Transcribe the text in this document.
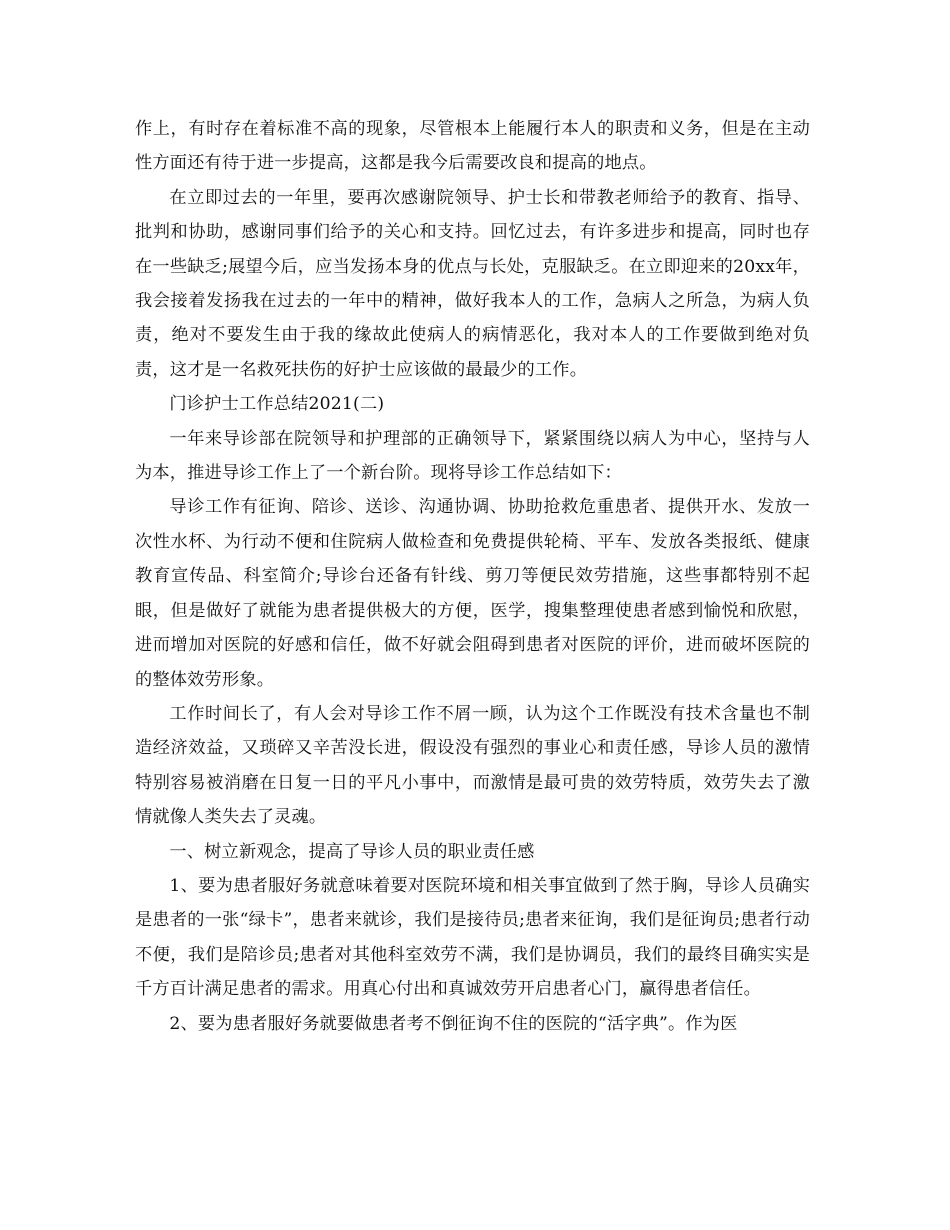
作上，有时存在着标准不高的现象，尽管根本上能履行本人的职责和义务，但是在主动性方面还有待于进一步提高，这都是我今后需要改良和提高的地点。

在立即过去的一年里，要再次感谢院领导、护士长和带教老师给予的教育、指导、批判和协助，感谢同事们给予的关心和支持。回忆过去，有许多进步和提高，同时也存在一些缺乏;展望今后，应当发扬本身的优点与长处，克服缺乏。在立即迎来的20xx年，我会接着发扬我在过去的一年中的精神，做好我本人的工作，急病人之所急，为病人负责，绝对不要发生由于我的缘故此使病人的病情恶化，我对本人的工作要做到绝对负责，这才是一名救死扶伤的好护士应该做的最最少的工作。

门诊护士工作总结2021(二)

一年来导诊部在院领导和护理部的正确领导下，紧紧围绕以病人为中心，坚持与人为本，推进导诊工作上了一个新台阶。现将导诊工作总结如下：

导诊工作有征询、陪诊、送诊、沟通协调、协助抢救危重患者、提供开水、发放一次性水杯、为行动不便和住院病人做检查和免费提供轮椅、平车、发放各类报纸、健康教育宣传品、科室简介;导诊台还备有针线、剪刀等便民效劳措施，这些事都特别不起眼，但是做好了就能为患者提供极大的方便，医学，搜集整理使患者感到愉悦和欣慰，进而增加对医院的好感和信任，做不好就会阻碍到患者对医院的评价，进而破坏医院的的整体效劳形象。

工作时间长了，有人会对导诊工作不屑一顾，认为这个工作既没有技术含量也不制造经济效益，又琐碎又辛苦没长进，假设没有强烈的事业心和责任感，导诊人员的激情特别容易被消磨在日复一日的平凡小事中，而激情是最可贵的效劳特质，效劳失去了激情就像人类失去了灵魂。

一、树立新观念，提高了导诊人员的职业责任感

1、要为患者服好务就意味着要对医院环境和相关事宜做到了然于胸，导诊人员确实是患者的一张“绿卡”，患者来就诊，我们是接待员;患者来征询，我们是征询员;患者行动不便，我们是陪诊员;患者对其他科室效劳不满，我们是协调员，我们的最终目确实实是千方百计满足患者的需求。用真心付出和真诚效劳开启患者心门，赢得患者信任。

2、要为患者服好务就要做患者考不倒征询不住的医院的“活字典”。作为医
